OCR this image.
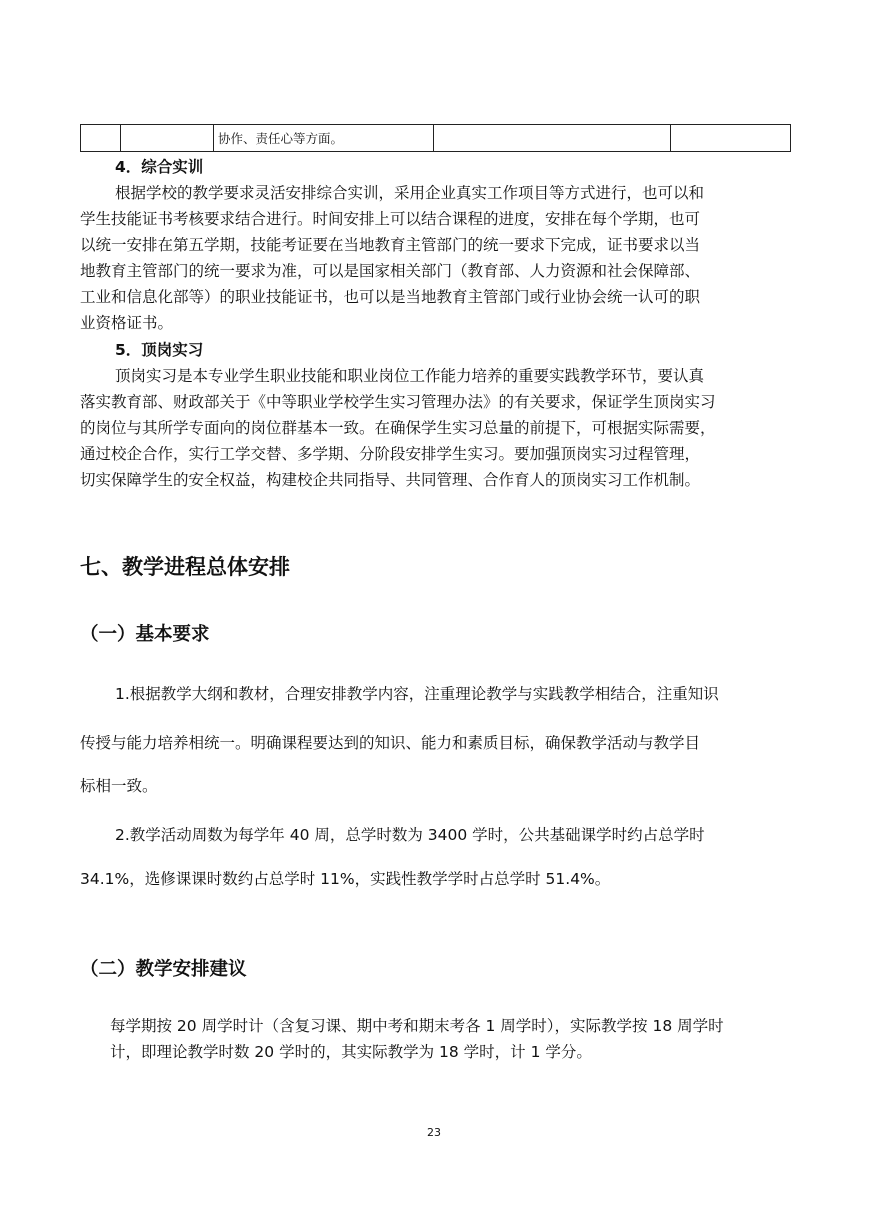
		协作、责任心等方面。		
4．综合实训

根据学校的教学要求灵活安排综合实训，采用企业真实工作项目等方式进行，也可以和

学生技能证书考核要求结合进行。时间安排上可以结合课程的进度，安排在每个学期，也可

以统一安排在第五学期，技能考证要在当地教育主管部门的统一要求下完成，证书要求以当

地教育主管部门的统一要求为准，可以是国家相关部门（教育部、人力资源和社会保障部、

工业和信息化部等）的职业技能证书，也可以是当地教育主管部门或行业协会统一认可的职

业资格证书。

5．顶岗实习

顶岗实习是本专业学生职业技能和职业岗位工作能力培养的重要实践教学环节，要认真

落实教育部、财政部关于《中等职业学校学生实习管理办法》的有关要求，保证学生顶岗实习

的岗位与其所学专面向的岗位群基本一致。在确保学生实习总量的前提下，可根据实际需要，

通过校企合作，实行工学交替、多学期、分阶段安排学生实习。要加强顶岗实习过程管理，

切实保障学生的安全权益，构建校企共同指导、共同管理、合作育人的顶岗实习工作机制。

七、教学进程总体安排
（一）基本要求

1.根据教学大纲和教材，合理安排教学内容，注重理论教学与实践教学相结合，注重知识

传授与能力培养相统一。明确课程要达到的知识、能力和素质目标，确保教学活动与教学目

标相一致。

2.教学活动周数为每学年 40 周，总学时数为 3400 学时，公共基础课学时约占总学时

34.1%，选修课课时数约占总学时 11%，实践性教学学时占总学时 51.4%。

（二）教学安排建议

每学期按 20 周学时计（含复习课、期中考和期末考各 1 周学时），实际教学按 18 周学时

计，即理论教学时数 20 学时的，其实际教学为 18 学时，计 1 学分。

23
